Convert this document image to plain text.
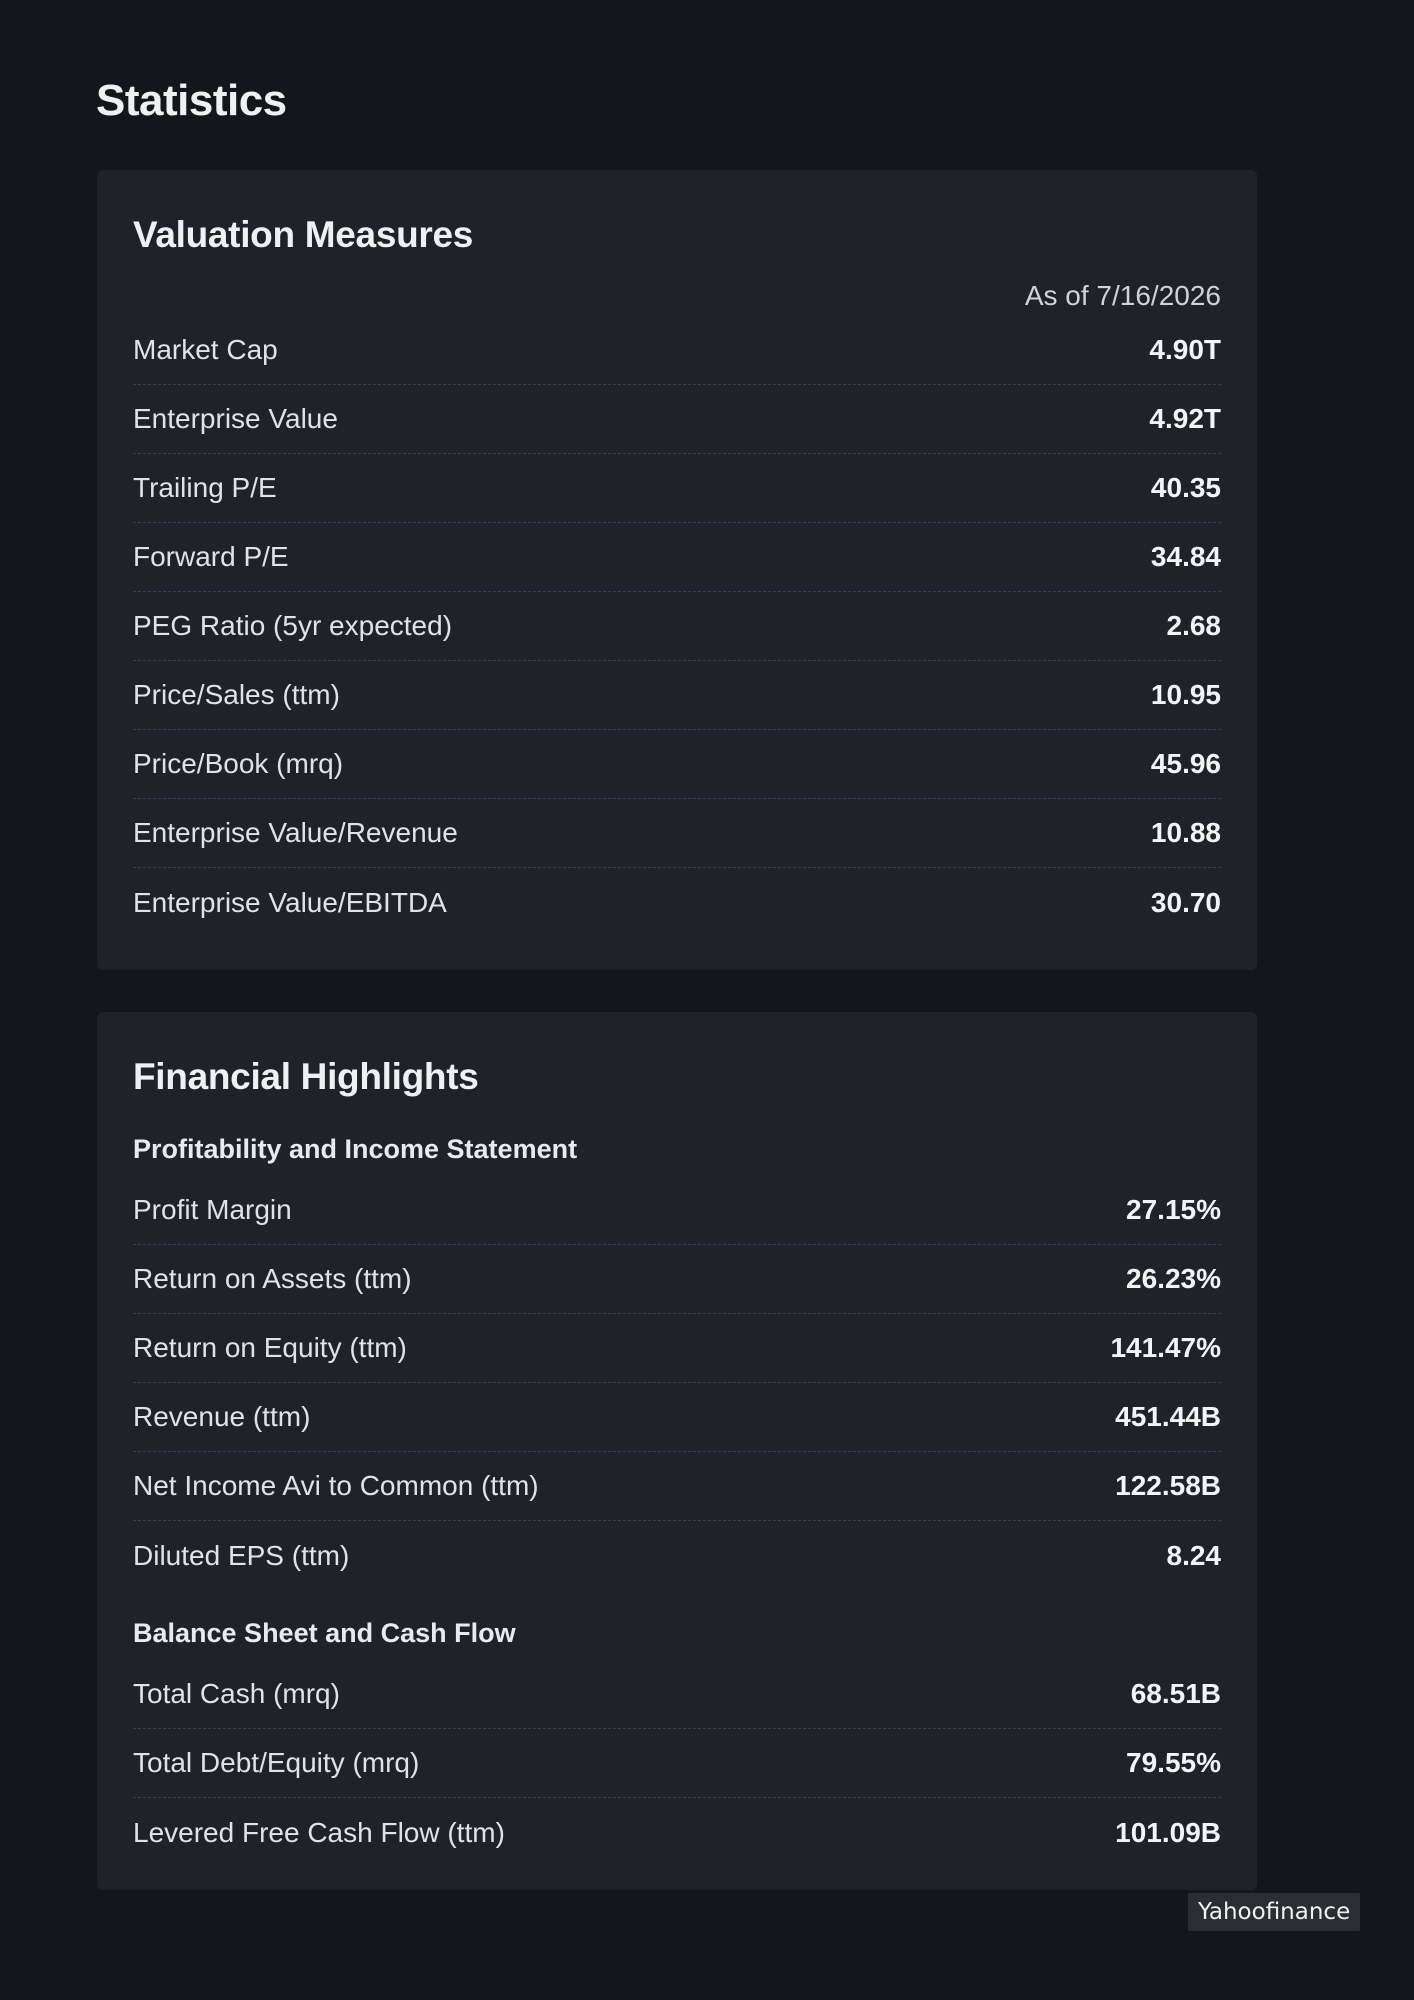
Statistics
Valuation Measures
As of 7/16/2026
Market Cap	4.90T
Enterprise Value	4.92T
Trailing P/E	40.35
Forward P/E	34.84
PEG Ratio (5yr expected)	2.68
Price/Sales (ttm)	10.95
Price/Book (mrq)	45.96
Enterprise Value/Revenue	10.88
Enterprise Value/EBITDA	30.70
Financial Highlights
Profitability and Income Statement
Profit Margin	27.15%
Return on Assets (ttm)	26.23%
Return on Equity (ttm)	141.47%
Revenue (ttm)	451.44B
Net Income Avi to Common (ttm)	122.58B
Diluted EPS (ttm)	8.24
Balance Sheet and Cash Flow
Total Cash (mrq)	68.51B
Total Debt/Equity (mrq)	79.55%
Levered Free Cash Flow (ttm)	101.09B
Yahoofinance
